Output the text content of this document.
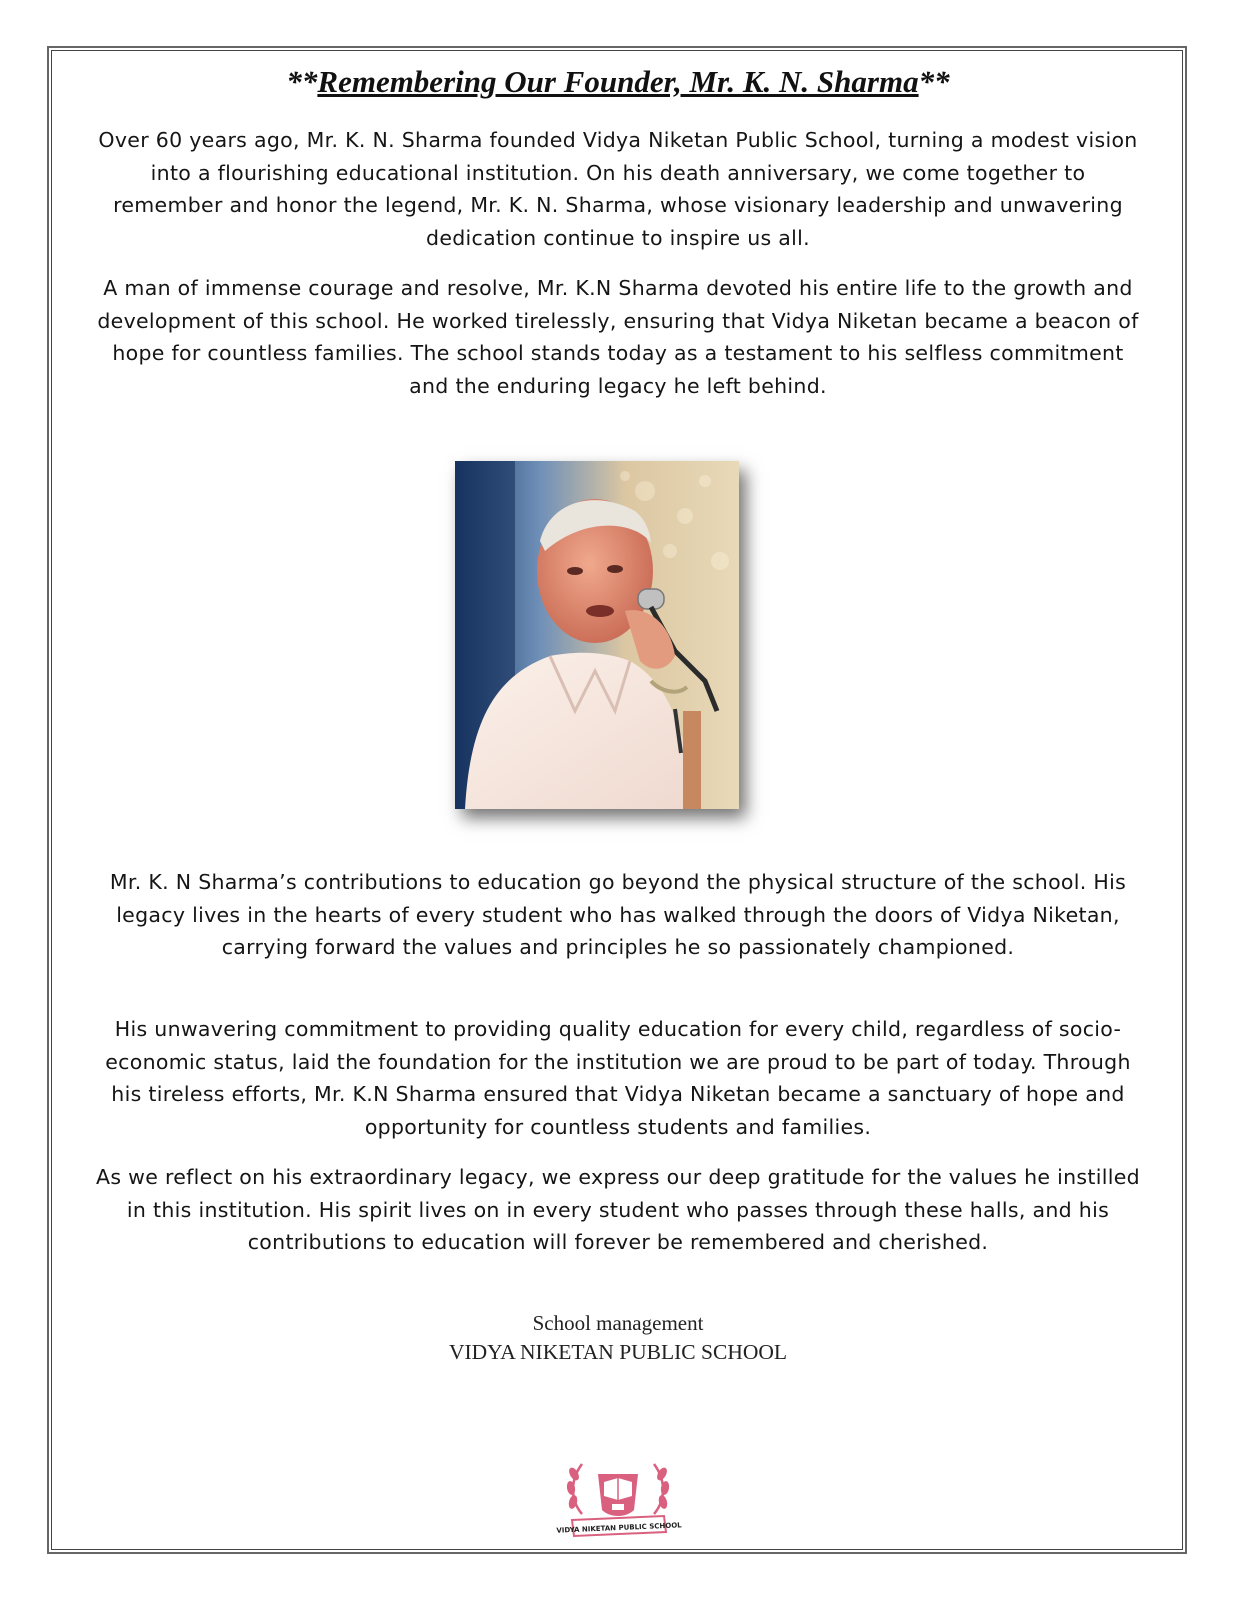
**Remembering Our Founder, Mr. K. N. Sharma**

Over 60 years ago, Mr. K. N. Sharma founded Vidya Niketan Public School, turning a modest vision into a flourishing educational institution. On his death anniversary, we come together to remember and honor the legend, Mr. K. N. Sharma, whose visionary leadership and unwavering dedication continue to inspire us all.

A man of immense courage and resolve, Mr. K.N Sharma devoted his entire life to the growth and development of this school. He worked tirelessly, ensuring that Vidya Niketan became a beacon of hope for countless families. The school stands today as a testament to his selfless commitment and the enduring legacy he left behind.

Mr. K. N Sharma’s contributions to education go beyond the physical structure of the school. His legacy lives in the hearts of every student who has walked through the doors of Vidya Niketan, carrying forward the values and principles he so passionately championed.

His unwavering commitment to providing quality education for every child, regardless of socio-economic status, laid the foundation for the institution we are proud to be part of today. Through his tireless efforts, Mr. K.N Sharma ensured that Vidya Niketan became a sanctuary of hope and opportunity for countless students and families.

As we reflect on his extraordinary legacy, we express our deep gratitude for the values he instilled in this institution. His spirit lives on in every student who passes through these halls, and his contributions to education will forever be remembered and cherished.

School management

VIDYA NIKETAN PUBLIC SCHOOL

VIDYA NIKETAN PUBLIC SCHOOL
